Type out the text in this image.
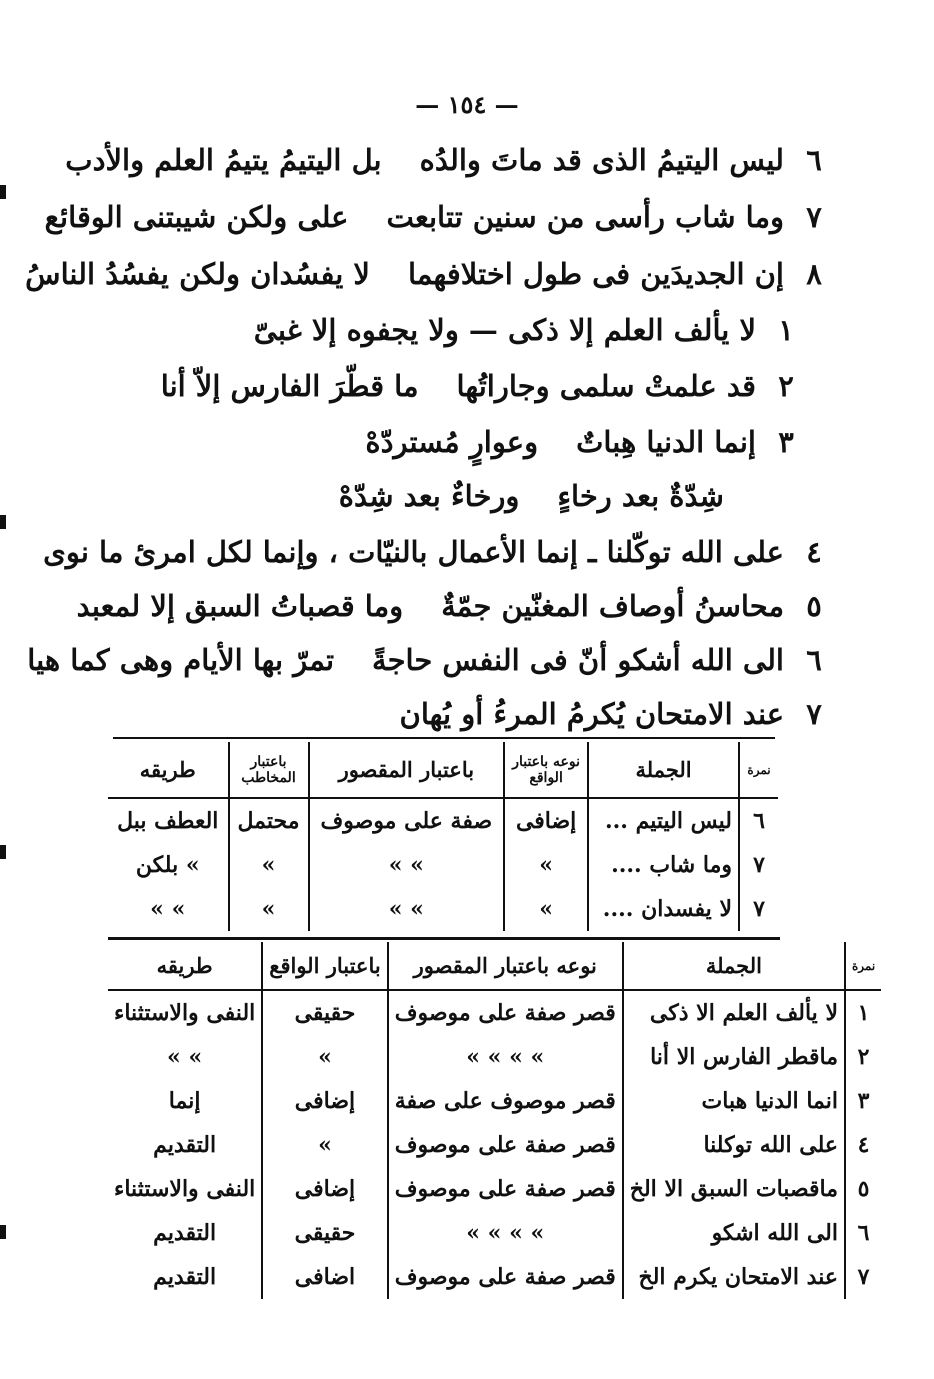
— ١٥٤ —
٦
ليس اليتيمُ الذى قد ماتَ والدُهبل اليتيمُ يتيمُ العلم والأدب
٧
وما شاب رأسى من سنين تتابعتعلى ولكن شيبتنى الوقائع
٨
إن الجديدَين فى طول اختلافهمالا يفسُدان ولكن يفسُدُ الناسُ
١
لا يألف العلم إلا ذكى — ولا يجفوه إلا غبىّ
٢
قد علمتْ سلمى وجاراتُهاما قطّرَ الفارس إلاّ أنا
٣
إنما الدنيا هِباتٌوعوارٍ مُستردّهْ
شِدّةٌ بعد رخاءٍورخاءٌ بعد شِدّهْ
٤
على الله توكّلنا ـ إنما الأعمال بالنيّات ، وإنما لكل امرئ ما نوى
٥
محاسنُ أوصاف المغنّين جمّةٌوما قصباتُ السبق إلا لمعبد
٦
الى الله أشكو أنّ فى النفس حاجةًتمرّ بها الأيام وهى كما هيا
٧
عند الامتحان يُكرمُ المرءُ أو يُهان
نمرة	الجملة	نوعه باعتبار الواقع	باعتبار المقصور	باعتبار المخاطب	طريقه
٦	ليس اليتيم ...	إضافى	صفة على موصوف	محتمل	العطف ببل
٧	وما شاب ....	»	» »	»	» بلكن
٧	لا يفسدان ....	»	» »	»	» »
نمرة	الجملة	نوعه باعتبار المقصور	باعتبار الواقع	طريقه
١	لا يألف العلم الا ذكى	قصر صفة على موصوف	حقيقى	النفى والاستثناء
٢	ماقطر الفارس الا أنا	» » » »	»	» »
٣	انما الدنيا هبات	قصر موصوف على صفة	إضافى	إنما
٤	على الله توكلنا	قصر صفة على موصوف	»	التقديم
٥	ماقصبات السبق الا الخ	قصر صفة على موصوف	إضافى	النفى والاستثناء
٦	الى الله اشكو	» » » »	حقيقى	التقديم
٧	عند الامتحان يكرم الخ	قصر صفة على موصوف	اضافى	التقديم
